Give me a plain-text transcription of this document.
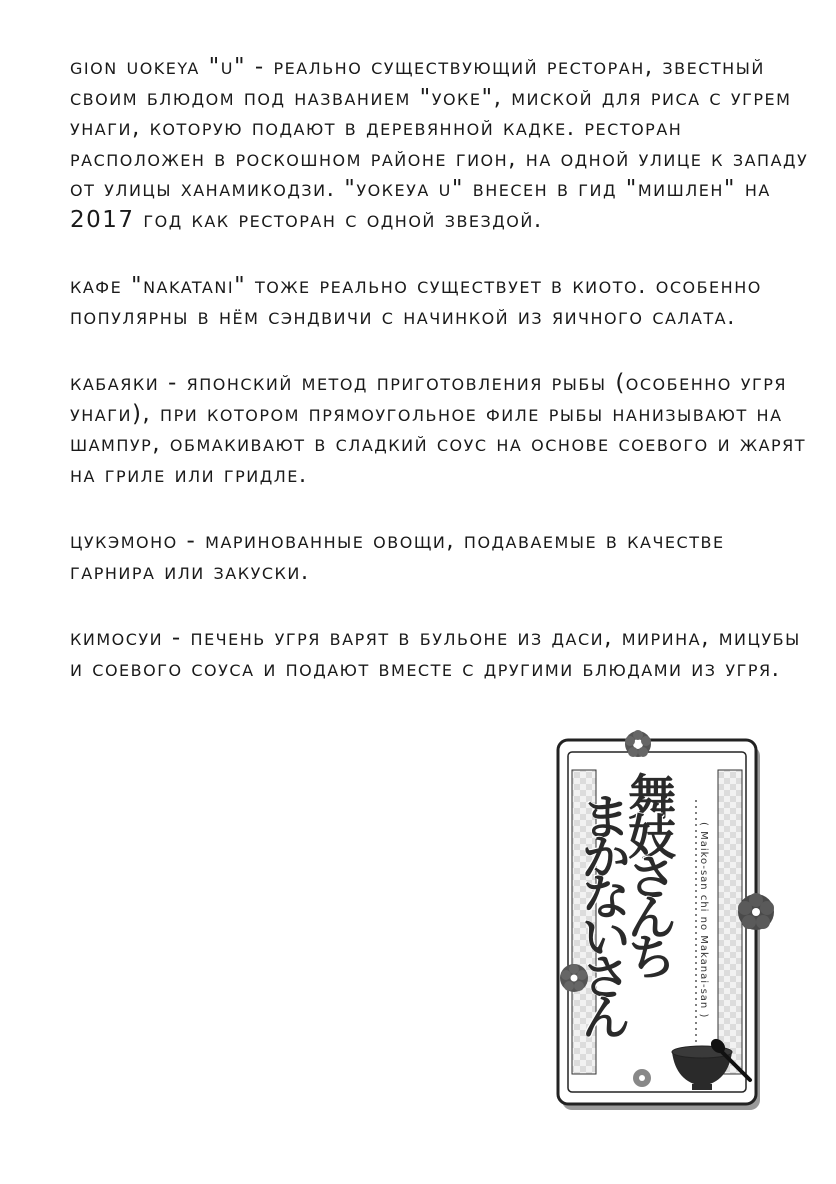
gion uokeya "u" - реально существующий ресторан, звестный своим блюдом под названием "уоке", миской для риса с угрем унаги, которую подают в деревянной кадке. ресторан расположен в роскошном районе гион, на одной улице к западу от улицы ханамикодзи. "уокеуа u" внесен в гид "мишлен" на 2017 год как ресторан с одной звездой.

кафе "nakatani" тоже реально существует в киото. особенно популярны в нём сэндвичи с начинкой из яичного салата.

кабаяки - японский метод приготовления рыбы (особенно угря унаги), при котором прямоугольное филе рыбы нанизывают на шампур, обмакивают в сладкий соус на основе соевого и жарят на гриле или гридле.

цукэмоно - маринованные овощи, подаваемые в качестве гарнира или закуски.

кимосуи - печень угря варят в бульоне из даси, мирина, мицубы и соевого соуса и подают вместе с другими блюдами из угря.

舞
妓
さ
ん
ち
の
ま
か
な
い
さ
ん	( Maiko-san chi no Makanai-san )
